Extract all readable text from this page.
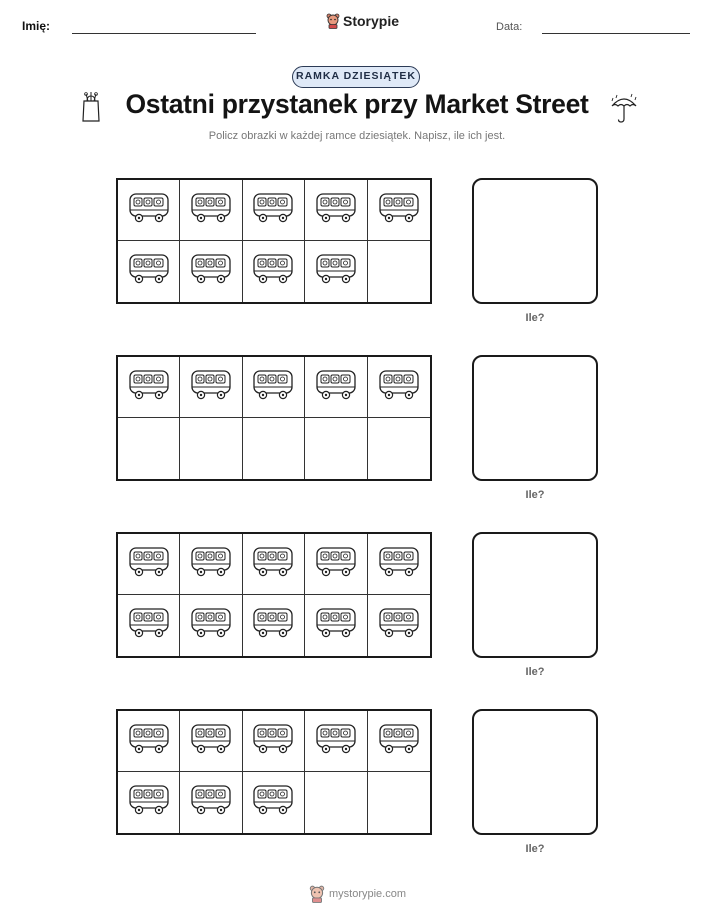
Imię:	Storypie	Data:
RAMKA DZIESIĄTEK
Ostatni przystanek przy Market Street
Policz obrazki w każdej ramce dziesiątek. Napisz, ile ich jest.
Ile?
Ile?
Ile?
Ile?
mystorypie.com
